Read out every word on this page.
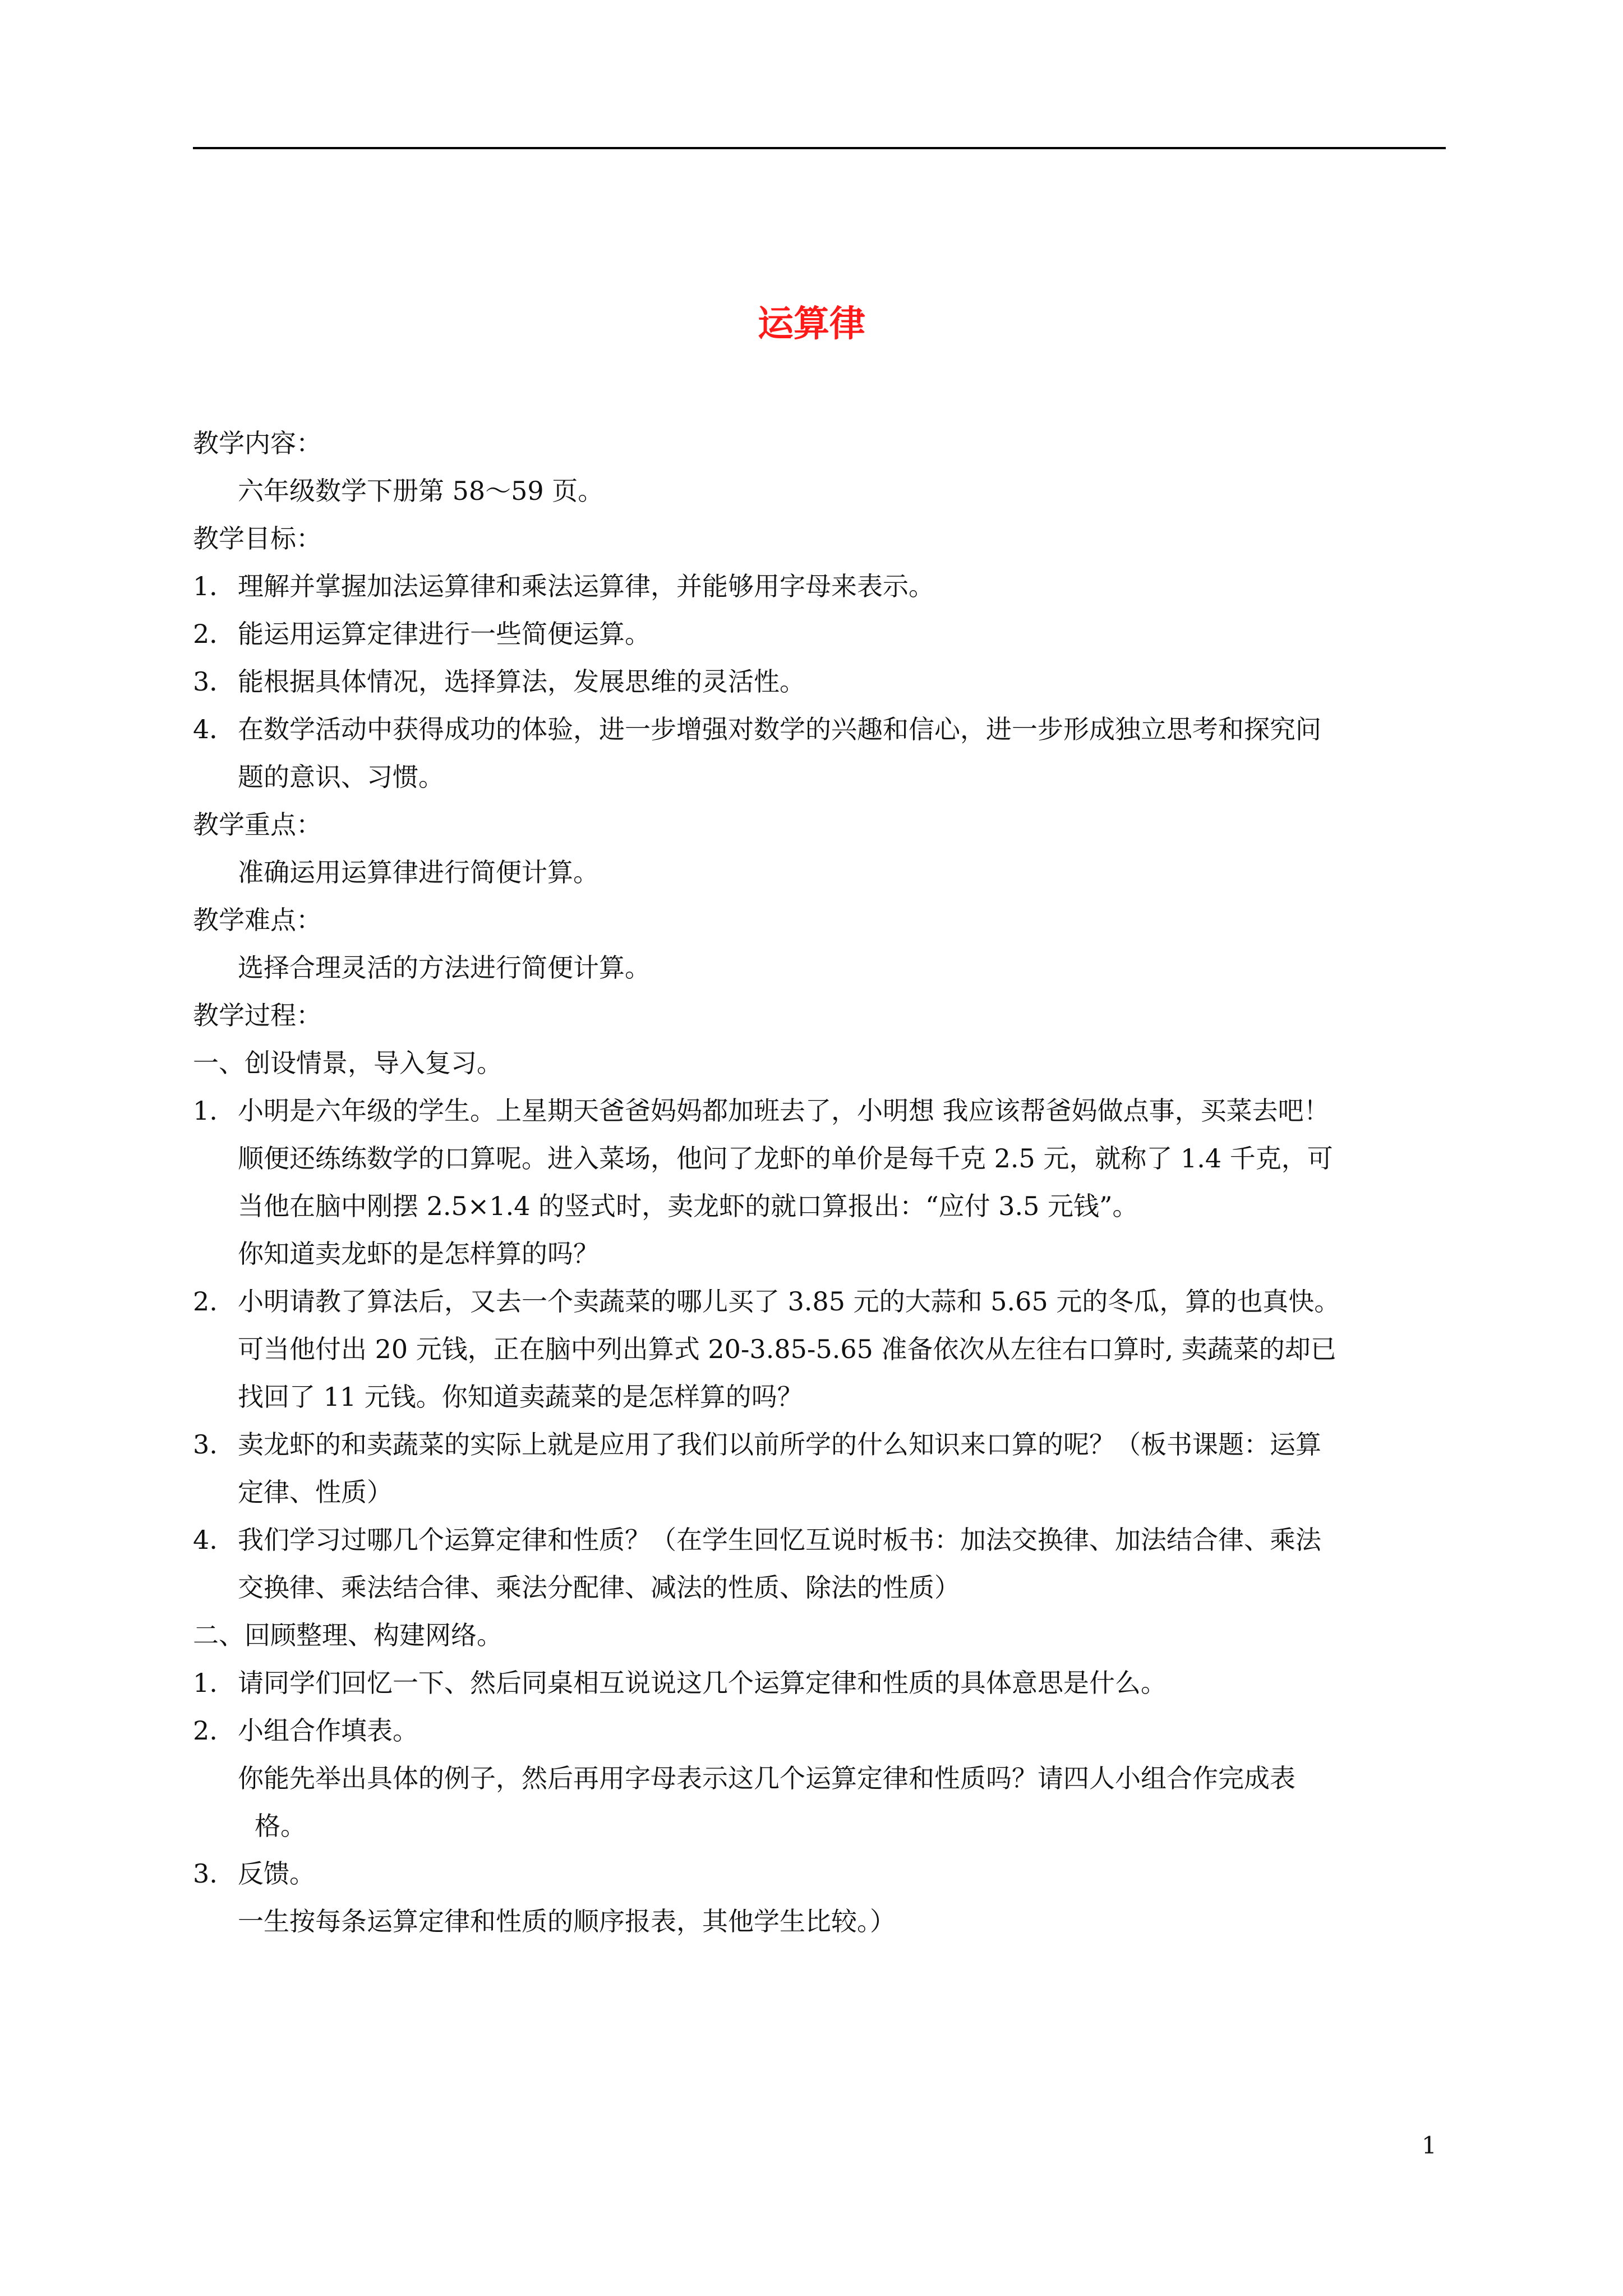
运算律
教学内容：
六年级数学下册第 58～59 页。
教学目标：
1． 理解并掌握加法运算律和乘法运算律，并能够用字母来表示。
2． 能运用运算定律进行一些简便运算。
3． 能根据具体情况，选择算法，发展思维的灵活性。
4． 在数学活动中获得成功的体验，进一步增强对数学的兴趣和信心，进一步形成独立思考和探究问
题的意识、习惯。
教学重点：
准确运用运算律进行简便计算。
教学难点：
选择合理灵活的方法进行简便计算。
教学过程：
一、创设情景，导入复习。
1. 小明是六年级的学生。上星期天爸爸妈妈都加班去了，小明想 我应该帮爸妈做点事，买菜去吧！
顺便还练练数学的口算呢。进入菜场，他问了龙虾的单价是每千克 2.5 元，就称了 1.4 千克，可
当他在脑中刚摆 2.5×1.4 的竖式时，卖龙虾的就口算报出：“应付 3.5 元钱”。
你知道卖龙虾的是怎样算的吗？
2. 小明请教了算法后，又去一个卖蔬菜的哪儿买了 3.85 元的大蒜和 5.65 元的冬瓜，算的也真快。
可当他付出 20 元钱，正在脑中列出算式 20-3.85-5.65 准备依次从左往右口算时, 卖蔬菜的却已
找回了 11 元钱。你知道卖蔬菜的是怎样算的吗？
3. 卖龙虾的和卖蔬菜的实际上就是应用了我们以前所学的什么知识来口算的呢？（板书课题：运算
定律、性质）
4. 我们学习过哪几个运算定律和性质？（在学生回忆互说时板书：加法交换律、加法结合律、乘法
交换律、乘法结合律、乘法分配律、减法的性质、除法的性质）
二、回顾整理、构建网络。
1. 请同学们回忆一下、然后同桌相互说说这几个运算定律和性质的具体意思是什么。
2. 小组合作填表。
你能先举出具体的例子，然后再用字母表示这几个运算定律和性质吗？请四人小组合作完成表
格。
3. 反馈。
一生按每条运算定律和性质的顺序报表，其他学生比较。）
1
